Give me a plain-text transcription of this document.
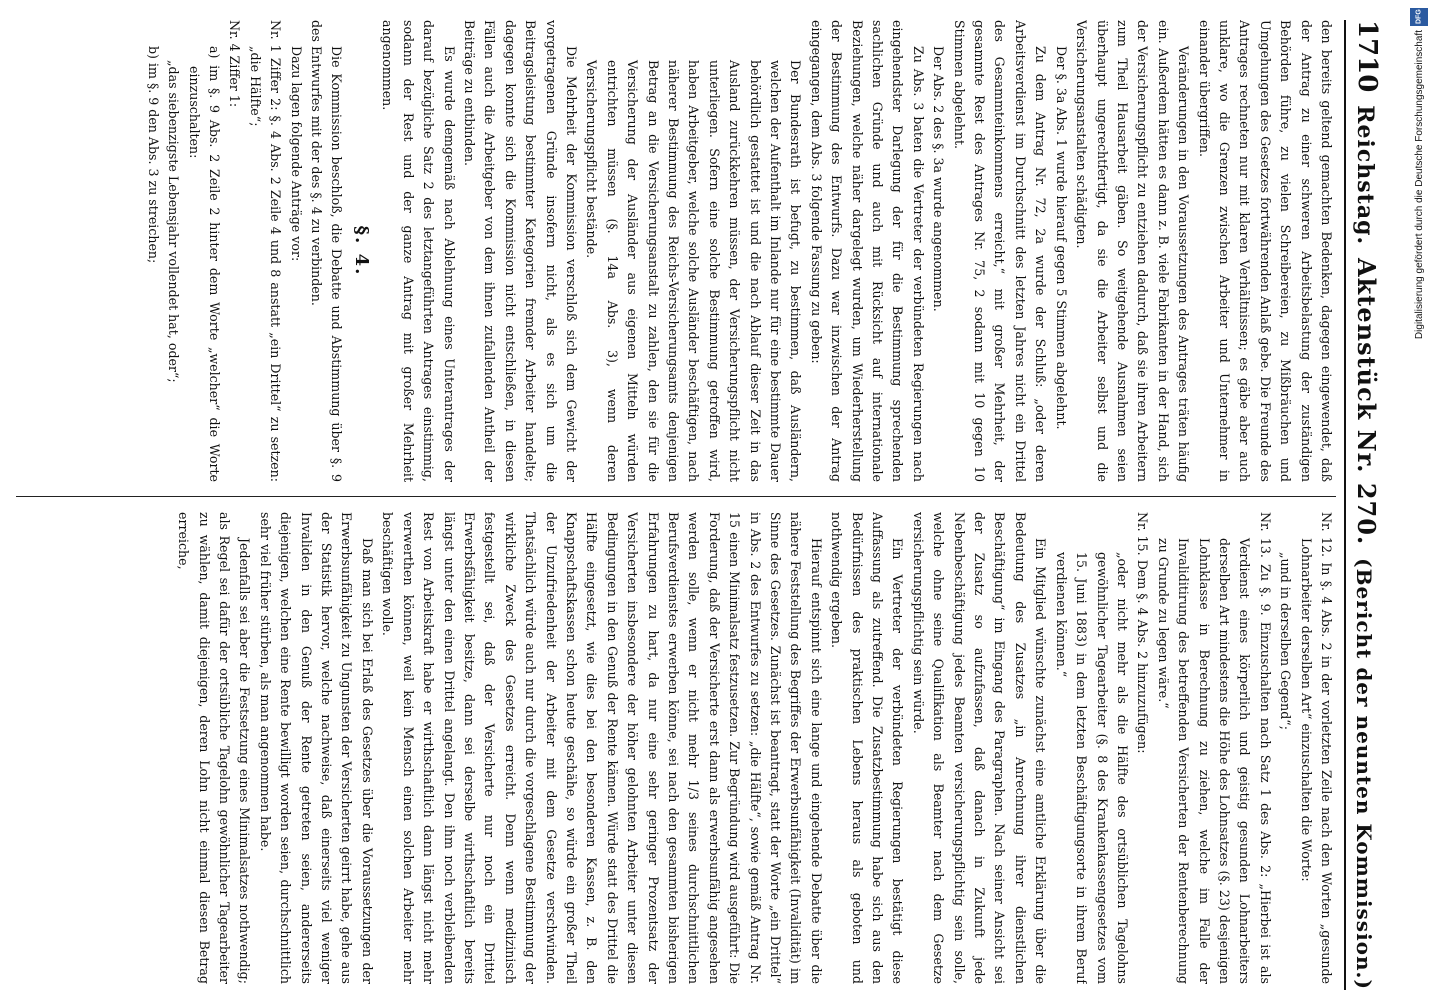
1710
Reichstag.
Aktenstück Nr. 270.
(Bericht der neunten Kommission.)

den bereits geltend gemachten Bedenken, dagegen eingewendet, daß der Antrag zu einer schweren Arbeitsbelastung der zuständigen Behörden führe, zu vielen Schreibereien, zu Mißbräuchen und Umgehungen des Gesetzes fortwährenden Anlaß gebe. Die Freunde des Antrages rechneten nur mit klaren Verhältnissen; es gäbe aber auch unklare, wo die Grenzen zwischen Arbeiter und Unternehmer in einander übergriffen.

Veränderungen in den Voraussetzungen des Antrages träten häufig ein. Außerdem hätten es dann z. B. viele Fabrikanten in der Hand, sich der Versicherungspflicht zu entziehen dadurch, daß sie ihren Arbeitern zum Theil Hausarbeit gäben. So weitgehende Ausnahmen seien überhaupt ungerechtfertigt, da sie die Arbeiter selbst und die Versicherungsanstalten schädigten.

Der §. 3a Abs. 1 wurde hierauf gegen 5 Stimmen abgelehnt.

Zu dem Antrag Nr. 72, 2a wurde der Schluß: „oder deren Arbeitsverdienst im Durchschnitt des letzten Jahres nicht ein Drittel des Gesammteinkommens erreicht,“ mit großer Mehrheit, der gesammte Rest des Antrages Nr. 75, 2 sodann mit 10 gegen 10 Stimmen abgelehnt.

Der Abs. 2 des §. 3a wurde angenommen.

Zu Abs. 3 baten die Vertreter der verbündeten Regierungen nach eingehendster Darlegung der für die Bestimmung sprechenden sachlichen Gründe und auch mit Rücksicht auf internationale Beziehungen, welche näher dargelegt wurden, um Wiederherstellung der Bestimmung des Entwurfs. Dazu war inzwischen der Antrag eingegangen, dem Abs. 3 folgende Fassung zu geben:

Der Bundesrath ist befugt, zu bestimmen, daß Ausländern, welchen der Aufenthalt im Inlande nur für eine bestimmte Dauer behördlich gestattet ist und die nach Ablauf dieser Zeit in das Ausland zurückkehren müssen, der Versicherungspflicht nicht unterliegen. Sofern eine solche Bestimmung getroffen wird, haben Arbeitgeber, welche solche Ausländer beschäftigen, nach näherer Bestimmung des Reichs-Versicherungsamts denjenigen Betrag an die Versicherungsanstalt zu zahlen, den sie für die Versicherung der Ausländer aus eigenen Mitteln würden entrichten müssen (§. 14a Abs. 3), wenn deren Versicherungspflicht bestände.

Die Mehrheit der Kommission verschloß sich dem Gewicht der vorgetragenen Gründe insofern nicht, als es sich um die Beitragsleistung bestimmter Kategorien fremder Arbeiter handelte; dagegen konnte sich die Kommission nicht entschließen, in diesen Fällen auch die Arbeitgeber von dem ihnen zufallenden Antheil der Beiträge zu entbinden.

Es wurde demgemäß nach Ablehnung eines Unterantrages der darauf bezügliche Satz 2 des letztangeführten Antrages einstimmig, sodann der Rest und der ganze Antrag mit großer Mehrheit angenommen.

§. 4.

Die Kommission beschloß, die Debatte und Abstimmung über §. 9 des Entwurfes mit der des §. 4 zu verbinden.

Dazu lagen folgende Anträge vor:

Nr. 1 Ziffer 2: §. 4 Abs. 2 Zeile 4 und 8 anstatt „ein Drittel“ zu setzen: „die Hälfte“;

Nr. 4 Ziffer 1:

a) im §. 9 Abs. 2 Zeile 2 hinter dem Worte „welcher“ die Worte einzuschalten:

„das siebenzigste Lebensjahr vollendet hat, oder“;

b) im §. 9 den Abs. 3 zu streichen;

Nr. 12. In §. 4 Abs. 2 in der vorletzten Zeile nach den Worten „gesunde Lohnarbeiter derselben Art“ einzuschalten die Worte:

„und in derselben Gegend“;

Nr. 13. Zu §. 9. Einzuschalten nach Satz 1 des Abs. 2: „Hierbei ist als Verdienst eines körperlich und geistig gesunden Lohnarbeiters derselben Art mindestens die Höhe des Lohnsatzes (§. 23) desjenigen Lohnklasse in Berechnung zu ziehen, welche im Falle der Invaliditirung des betreffenden Versicherten der Rentenberechnung zu Grunde zu legen wäre.“

Nr. 15. Dem §. 4 Abs. 2 hinzuzufügen:

„oder nicht mehr als die Hälfte des ortsüblichen Tagelohns gewöhnlicher Tagearbeiter (§. 8 des Krankenkassengesetzes vom 15. Juni 1883) in dem letzten Beschäftigungsorte in ihrem Beruf verdienen können.“

Ein Mitglied wünschte zunächst eine amtliche Erklärung über die Bedeutung des Zusatzes „in Anrechnung ihrer dienstlichen Beschäftigung“ im Eingang des Paragraphen. Nach seiner Ansicht sei der Zusatz so aufzufassen, daß danach in Zukunft jede Nebenbeschäftigung jedes Beamten versicherungspflichtig sein solle, welche ohne seine Qualifikation als Beamter nach dem Gesetze versicherungspflichtig sein würde.

Ein Vertreter der verbündeten Regierungen bestätigt diese Auffassung als zutreffend. Die Zusatzbestimmung habe sich aus den Bedürfnissen des praktischen Lebens heraus als geboten und nothwendig ergeben.

Hierauf entspinnt sich eine lange und eingehende Debatte über die nähere Feststellung des Begriffes der Erwerbsunfähigkeit (Invalidität) im Sinne des Gesetzes. Zunächst ist beantragt, statt der Worte „ein Drittel“ in Abs. 2 des Entwurfes zu setzen: „die Hälfte“, sowie gemäß Antrag Nr. 15 einen Minimalsatz festzusetzen. Zur Begründung wird ausgeführt: Die Forderung, daß der Versicherte erst dann als erwerbsunfähig angesehen werden solle, wenn er nicht mehr 1/3 seines durchschnittlichen Berufsverdienstes erwerben könne, sei nach den gesammten bisherigen Erfahrungen zu hart, da nur eine sehr geringer Prozentsatz der Versicherten insbesondere der höher gelohnten Arbeiter unter diesen Bedingungen in den Genuß der Rente kämen. Würde statt des Drittel die Hälfte eingesetzt, wie dies bei den besonderen Kassen, z. B. den Knappschaftskassen schon heute geschähe, so würde ein großer Theil der Unzufriedenheit der Arbeiter mit dem Gesetze verschwinden. Thatsächlich würde auch nur durch die vorgeschlagene Bestimmung der wirkliche Zweck des Gesetzes erreicht. Denn wenn medizinisch festgestellt sei, daß der Versicherte nur noch ein Drittel Erwerbsfähigkeit besitze, dann sei derselbe wirthschaftlich bereits längst unter den einen Drittel angelangt. Den ihm noch verbleibenden Rest von Arbeitskraft habe er wirthschaftlich dann längst nicht mehr verwerthen können, weil kein Mensch einen solchen Arbeiter mehr beschäftigen wolle.

Daß man sich bei Erlaß des Gesetzes über die Voraussetzungen der Erwerbsunfähigkeit zu Ungunsten der Versicherten geirrt habe, gehe aus der Statistik hervor, welche nachweise, daß einerseits viel weniger Invaliden in den Genuß der Rente getreten seien, andererseits diejenigen, welchen eine Rente bewilligt worden seien, durchschnittlich sehr viel früher stürben, als man angenommen habe.

Jedenfalls sei aber die Festsetzung eines Minimalsatzes nothwendig; als Regel sei dafür der ortsübliche Tagelohn gewöhnlicher Tagearbeiter zu wählen, damit diejenigen, deren Lohn nicht einmal diesen Betrag erreiche,

DFG
Digitalisierung gefördert durch die Deutsche Forschungsgemeinschaft
